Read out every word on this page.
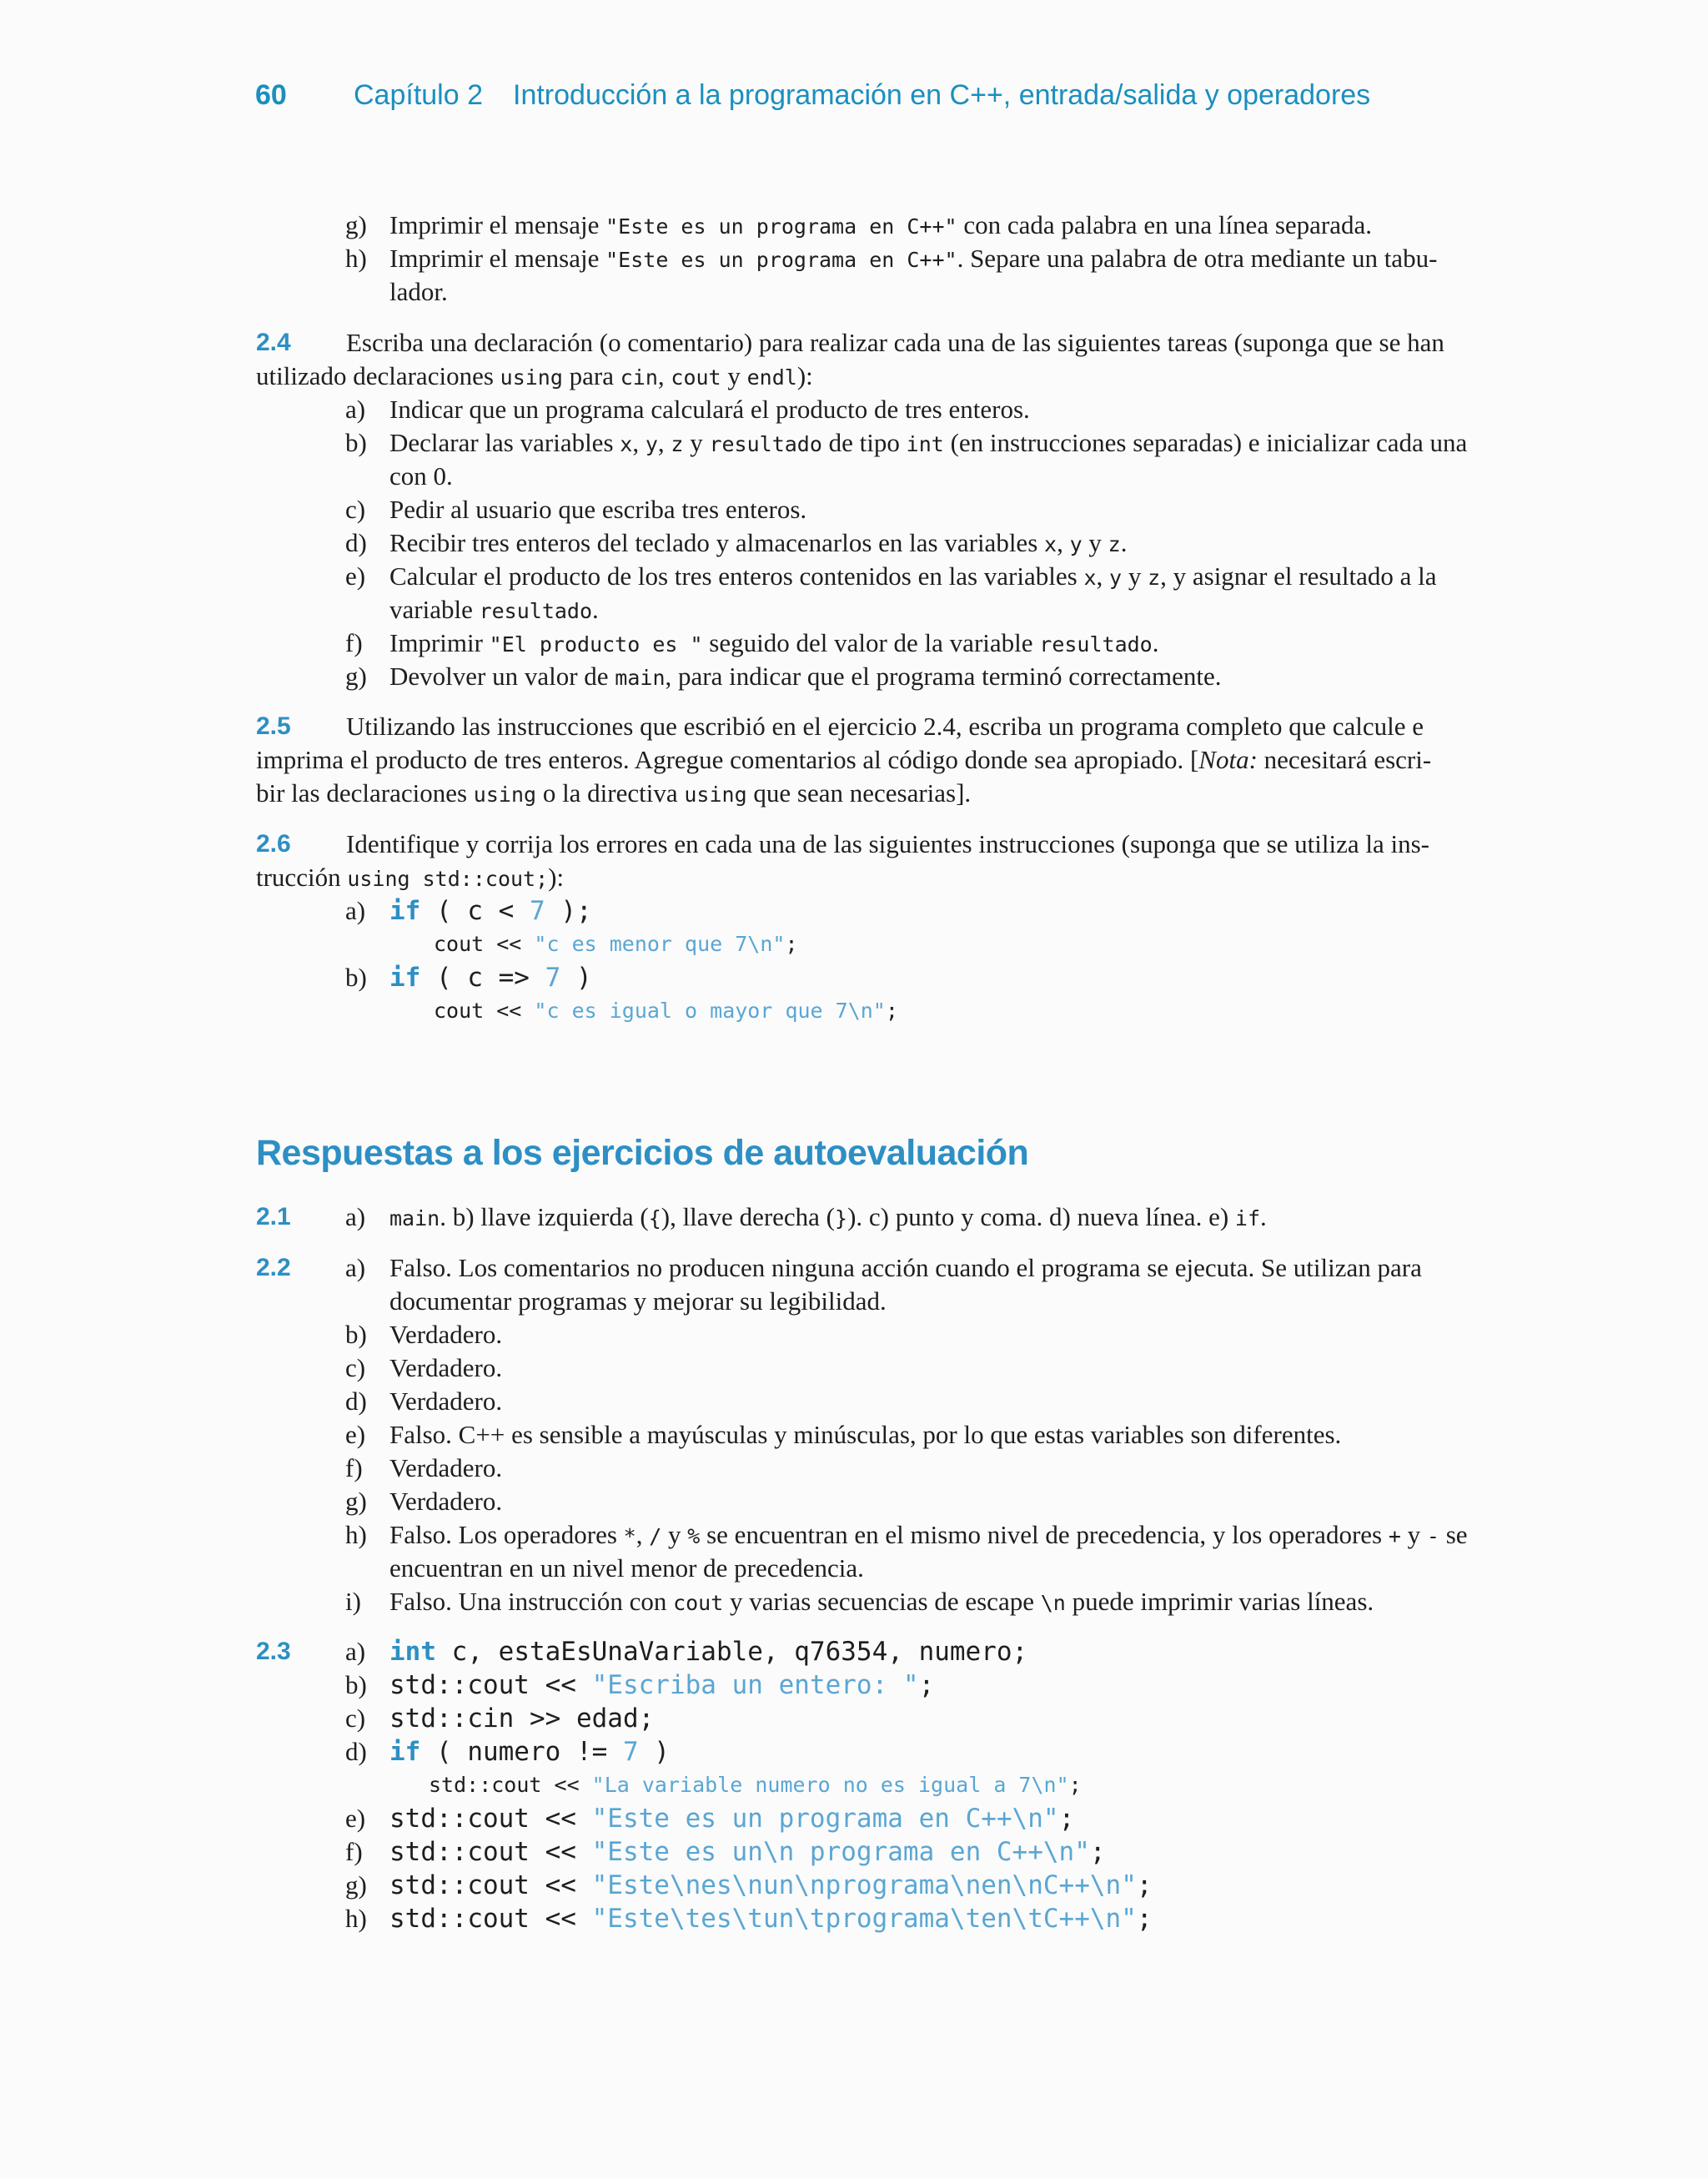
60 Capítulo 2 Introducción a la programación en C++, entrada/salida y operadores
g) Imprimir el mensaje "Este es un programa en C++" con cada palabra en una línea separada.
h) Imprimir el mensaje "Este es un programa en C++". Separe una palabra de otra mediante un tabu-
lador.
2.4 Escriba una declaración (o comentario) para realizar cada una de las siguientes tareas (suponga que se han
utilizado declaraciones using para cin, cout y endl):
a) Indicar que un programa calculará el producto de tres enteros.
b) Declarar las variables x, y, z y resultado de tipo int (en instrucciones separadas) e inicializar cada una
con 0.
c) Pedir al usuario que escriba tres enteros.
d) Recibir tres enteros del teclado y almacenarlos en las variables x, y y z.
e) Calcular el producto de los tres enteros contenidos en las variables x, y y z, y asignar el resultado a la
variable resultado.
f) Imprimir "El producto es " seguido del valor de la variable resultado.
g) Devolver un valor de main, para indicar que el programa terminó correctamente.
2.5 Utilizando las instrucciones que escribió en el ejercicio 2.4, escriba un programa completo que calcule e
imprima el producto de tres enteros. Agregue comentarios al código donde sea apropiado. [Nota: necesitará escri-
bir las declaraciones using o la directiva using que sean necesarias].
2.6 Identifique y corrija los errores en cada una de las siguientes instrucciones (suponga que se utiliza la ins-
trucción using std::cout;):
a) if ( c < 7 );
cout << "c es menor que 7\n";
b) if ( c => 7 )
cout << "c es igual o mayor que 7\n";
Respuestas a los ejercicios de autoevaluación
2.1 a) main. b) llave izquierda ({), llave derecha (}). c) punto y coma. d) nueva línea. e) if.
2.2 a) Falso. Los comentarios no producen ninguna acción cuando el programa se ejecuta. Se utilizan para
documentar programas y mejorar su legibilidad.
b) Verdadero.
c) Verdadero.
d) Verdadero.
e) Falso. C++ es sensible a mayúsculas y minúsculas, por lo que estas variables son diferentes.
f) Verdadero.
g) Verdadero.
h) Falso. Los operadores *, / y % se encuentran en el mismo nivel de precedencia, y los operadores + y - se
encuentran en un nivel menor de precedencia.
i) Falso. Una instrucción con cout y varias secuencias de escape \n puede imprimir varias líneas.
2.3 a) int c, estaEsUnaVariable, q76354, numero;
b) std::cout << "Escriba un entero: ";
c) std::cin >> edad;
d) if ( numero != 7 )
std::cout << "La variable numero no es igual a 7\n";
e) std::cout << "Este es un programa en C++\n";
f) std::cout << "Este es un\n programa en C++\n";
g) std::cout << "Este\nes\nun\nprograma\nen\nC++\n";
h) std::cout << "Este\tes\tun\tprograma\ten\tC++\n";
